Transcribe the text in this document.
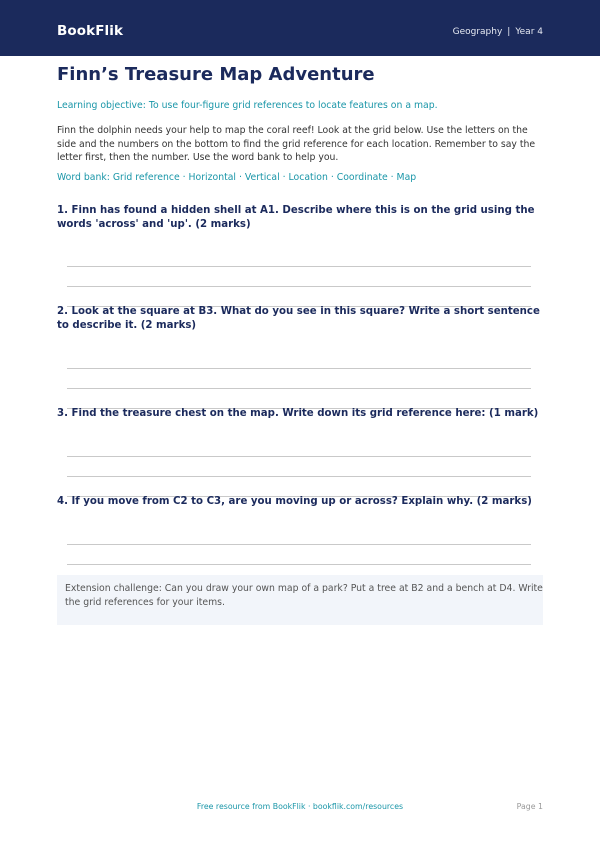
BookFlik	Geography | Year 4
Finn’s Treasure Map Adventure
Learning objective: To use four-figure grid references to locate features on a map.
Finn the dolphin needs your help to map the coral reef! Look at the grid below. Use the letters on the side and the numbers on the bottom to find the grid reference for each location. Remember to say the letter first, then the number. Use the word bank to help you.
Word bank: Grid reference · Horizontal · Vertical · Location · Coordinate · Map
1. Finn has found a hidden shell at A1. Describe where this is on the grid using the words 'across' and 'up'. (2 marks)
2. Look at the square at B3. What do you see in this square? Write a short sentence to describe it. (2 marks)
3. Find the treasure chest on the map. Write down its grid reference here: (1 mark)
4. If you move from C2 to C3, are you moving up or across? Explain why. (2 marks)
Extension challenge: Can you draw your own map of a park? Put a tree at B2 and a bench at D4. Write the grid references for your items.
Free resource from BookFlik · bookflik.com/resources	Page 1
